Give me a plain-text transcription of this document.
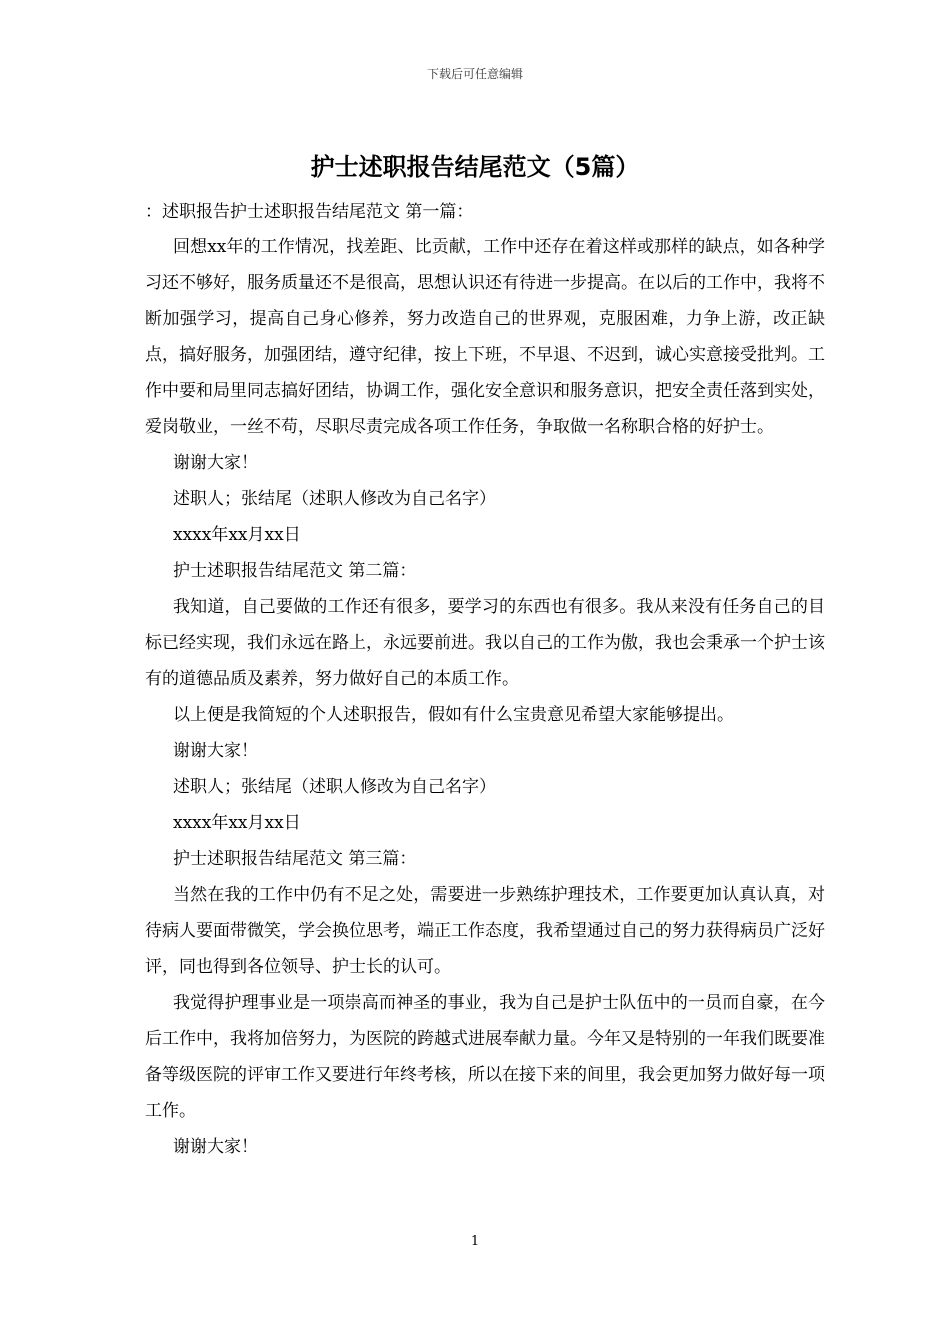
下载后可任意编辑
护士述职报告结尾范文（5篇）

：述职报告护士述职报告结尾范文 第一篇：

回想xx年的工作情况，找差距、比贡献，工作中还存在着这样或那样的缺点，如各种学习还不够好，服务质量还不是很高，思想认识还有待进一步提高。在以后的工作中，我将不断加强学习，提高自己身心修养，努力改造自己的世界观，克服困难，力争上游，改正缺点，搞好服务，加强团结，遵守纪律，按上下班，不早退、不迟到，诚心实意接受批判。工作中要和局里同志搞好团结，协调工作，强化安全意识和服务意识，把安全责任落到实处，爱岗敬业，一丝不苟，尽职尽责完成各项工作任务，争取做一名称职合格的好护士。

谢谢大家！

述职人；张结尾（述职人修改为自己名字）

xxxx年xx月xx日

护士述职报告结尾范文 第二篇：

我知道，自己要做的工作还有很多，要学习的东西也有很多。我从来没有任务自己的目标已经实现，我们永远在路上，永远要前进。我以自己的工作为傲，我也会秉承一个护士该有的道德品质及素养，努力做好自己的本质工作。

以上便是我简短的个人述职报告，假如有什么宝贵意见希望大家能够提出。

谢谢大家！

述职人；张结尾（述职人修改为自己名字）

xxxx年xx月xx日

护士述职报告结尾范文 第三篇：

当然在我的工作中仍有不足之处，需要进一步熟练护理技术，工作要更加认真认真，对待病人要面带微笑，学会换位思考，端正工作态度，我希望通过自己的努力获得病员广泛好评，同也得到各位领导、护士长的认可。

我觉得护理事业是一项崇高而神圣的事业，我为自己是护士队伍中的一员而自豪，在今后工作中，我将加倍努力，为医院的跨越式进展奉献力量。今年又是特别的一年我们既要准备等级医院的评审工作又要进行年终考核，所以在接下来的间里，我会更加努力做好每一项工作。

谢谢大家！

1
